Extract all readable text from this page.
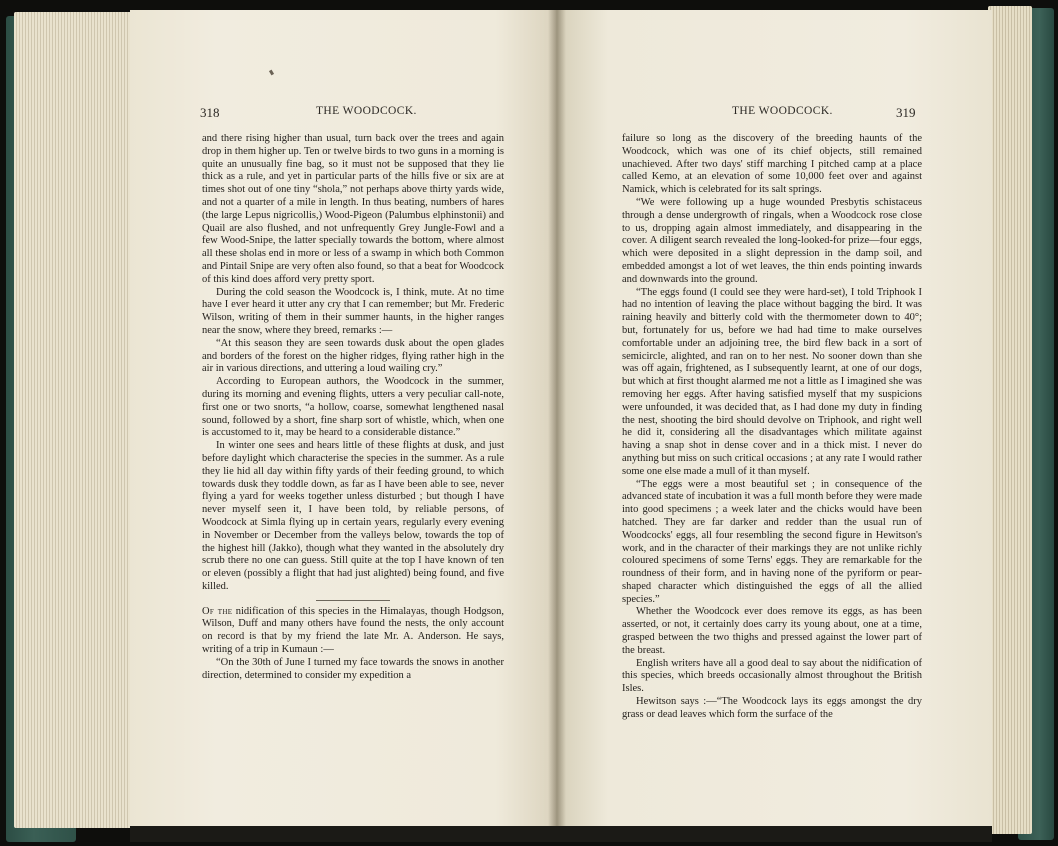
318	THE WOODCOCK.

and there rising higher than usual, turn back over the trees and again drop in them higher up. Ten or twelve birds to two guns in a morning is quite an unusually fine bag, so it must not be supposed that they lie thick as a rule, and yet in particular parts of the hills five or six are at times shot out of one tiny “shola,” not perhaps above thirty yards wide, and not a quarter of a mile in length. In thus beating, numbers of hares (the large Lepus nigricollis,) Wood-Pigeon (Palumbus elphinstonii) and Quail are also flushed, and not unfrequently Grey Jungle-Fowl and a few Wood-Snipe, the latter specially towards the bottom, where almost all these sholas end in more or less of a swamp in which both Common and Pintail Snipe are very often also found, so that a beat for Woodcock of this kind does afford very pretty sport.

During the cold season the Woodcock is, I think, mute. At no time have I ever heard it utter any cry that I can remember; but Mr. Frederic Wilson, writing of them in their summer haunts, in the higher ranges near the snow, where they breed, remarks :—

“At this season they are seen towards dusk about the open glades and borders of the forest on the higher ridges, flying rather high in the air in various directions, and uttering a loud wailing cry.”

According to European authors, the Woodcock in the summer, during its morning and evening flights, utters a very peculiar call-note, first one or two snorts, “a hollow, coarse, somewhat lengthened nasal sound, followed by a short, fine sharp sort of whistle, which, when one is accustomed to it, may be heard to a considerable distance.”

In winter one sees and hears little of these flights at dusk, and just before daylight which characterise the species in the summer. As a rule they lie hid all day within fifty yards of their feeding ground, to which towards dusk they toddle down, as far as I have been able to see, never flying a yard for weeks together unless disturbed ; but though I have never myself seen it, I have been told, by reliable persons, of Woodcock at Simla flying up in certain years, regularly every evening in November or December from the valleys below, towards the top of the highest hill (Jakko), though what they wanted in the absolutely dry scrub there no one can guess. Still quite at the top I have known of ten or eleven (possibly a flight that had just alighted) being found, and five killed.

Of the nidification of this species in the Himalayas, though Hodgson, Wilson, Duff and many others have found the nests, the only account on record is that by my friend the late Mr. A. Anderson. He says, writing of a trip in Kumaun :—

“On the 30th of June I turned my face towards the snows in another direction, determined to consider my expedition a

THE WOODCOCK.	319

failure so long as the discovery of the breeding haunts of the Woodcock, which was one of its chief objects, still remained unachieved. After two days' stiff marching I pitched camp at a place called Kemo, at an elevation of some 10,000 feet over and against Namick, which is celebrated for its salt springs.

“We were following up a huge wounded Presbytis schistaceus through a dense undergrowth of ringals, when a Woodcock rose close to us, dropping again almost immediately, and disappearing in the cover. A diligent search revealed the long-looked-for prize—four eggs, which were deposited in a slight depression in the damp soil, and embedded amongst a lot of wet leaves, the thin ends pointing inwards and downwards into the ground.

“The eggs found (I could see they were hard-set), I told Triphook I had no intention of leaving the place without bagging the bird. It was raining heavily and bitterly cold with the thermometer down to 40°; but, fortunately for us, before we had had time to make ourselves comfortable under an adjoining tree, the bird flew back in a sort of semicircle, alighted, and ran on to her nest. No sooner down than she was off again, frightened, as I subsequently learnt, at one of our dogs, but which at first thought alarmed me not a little as I imagined she was removing her eggs. After having satisfied myself that my suspicions were unfounded, it was decided that, as I had done my duty in finding the nest, shooting the bird should devolve on Triphook, and right well he did it, considering all the disadvantages which militate against having a snap shot in dense cover and in a thick mist. I never do anything but miss on such critical occasions ; at any rate I would rather some one else made a mull of it than myself.

“The eggs were a most beautiful set ; in consequence of the advanced state of incubation it was a full month before they were made into good specimens ; a week later and the chicks would have been hatched. They are far darker and redder than the usual run of Woodcocks' eggs, all four resembling the second figure in Hewitson's work, and in the character of their markings they are not unlike richly coloured specimens of some Terns' eggs. They are remarkable for the roundness of their form, and in having none of the pyriform or pear-shaped character which distinguished the eggs of all the allied species.”

Whether the Woodcock ever does remove its eggs, as has been asserted, or not, it certainly does carry its young about, one at a time, grasped between the two thighs and pressed against the lower part of the breast.

English writers have all a good deal to say about the nidification of this species, which breeds occasionally almost throughout the British Isles.

Hewitson says :—“The Woodcock lays its eggs amongst the dry grass or dead leaves which form the surface of the
